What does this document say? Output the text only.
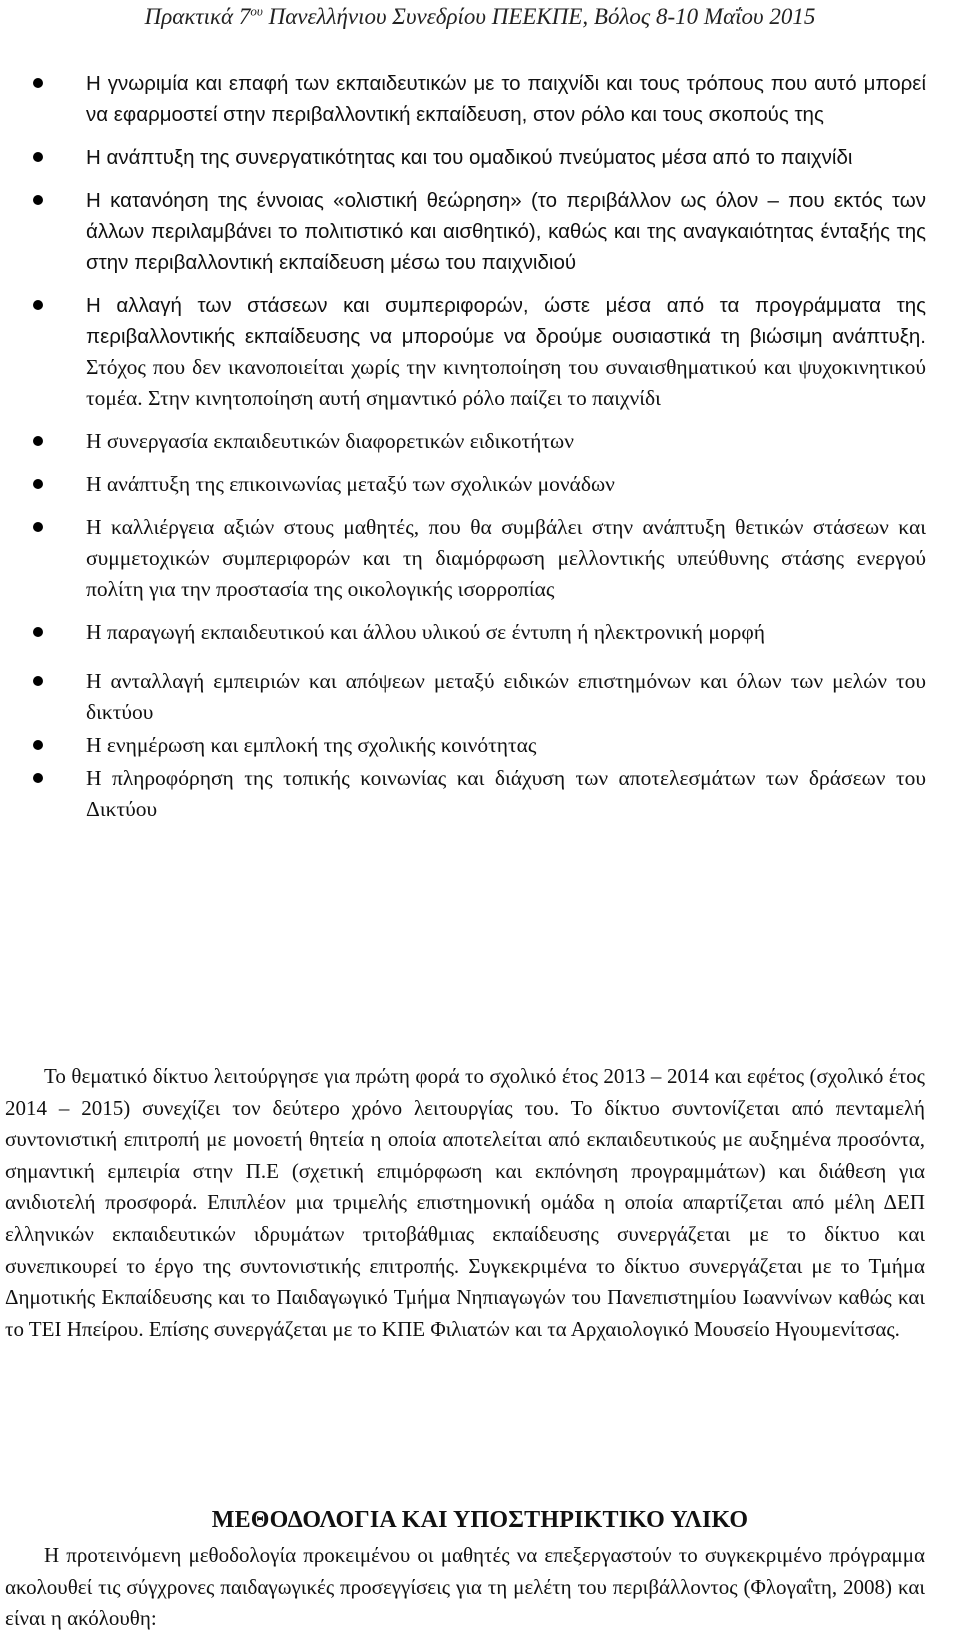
Πρακτικά $7^{o\upsilon}$ Πανελλήνιου Συνεδρίου ΠΕΕΚΠΕ, Βόλος 8-10 Μαΐου 2015
Η γνωριμία και επαφή των εκπαιδευτικών με το παιχνίδι και τους τρόπους που αυτό μπορεί να εφαρμοστεί στην περιβαλλοντική εκπαίδευση, στον ρόλο και τους σκοπούς της
Η ανάπτυξη της συνεργατικότητας και του ομαδικού πνεύματος μέσα από το παιχνίδι
Η κατανόηση της έννοιας «ολιστική θεώρηση» (το περιβάλλον ως όλον – που εκτός των άλλων περιλαμβάνει το πολιτιστικό και αισθητικό), καθώς και της αναγκαιότητας ένταξής της στην περιβαλλοντική εκπαίδευση μέσω του παιχνιδιού
Η αλλαγή των στάσεων και συμπεριφορών, ώστε μέσα από τα προγράμματα της περιβαλλοντικής εκπαίδευσης να μπορούμε να δρούμε ουσιαστικά τη βιώσιμη ανάπτυξη. Στόχος που δεν ικανοποιείται χωρίς την κινητοποίηση του συναισθηματικού και ψυχοκινητικού τομέα. Στην κινητοποίηση αυτή σημαντικό ρόλο παίζει το παιχνίδι
Η συνεργασία εκπαιδευτικών διαφορετικών ειδικοτήτων
Η ανάπτυξη της επικοινωνίας μεταξύ των σχολικών μονάδων
Η καλλιέργεια αξιών στους μαθητές, που θα συμβάλει στην ανάπτυξη θετικών στάσεων και συμμετοχικών συμπεριφορών και τη διαμόρφωση μελλοντικής υπεύθυνης στάσης ενεργού πολίτη για την προστασία της οικολογικής ισορροπίας
Η παραγωγή εκπαιδευτικού και άλλου υλικού σε έντυπη ή ηλεκτρονική μορφή
Η ανταλλαγή εμπειριών και απόψεων μεταξύ ειδικών επιστημόνων και όλων των μελών του δικτύου
Η ενημέρωση και εμπλοκή της σχολικής κοινότητας
Η πληροφόρηση της τοπικής κοινωνίας και διάχυση των αποτελεσμάτων των δράσεων του Δικτύου

Το θεματικό δίκτυο λειτούργησε για πρώτη φορά το σχολικό έτος 2013 – 2014 και εφέτος (σχολικό έτος 2014 – 2015) συνεχίζει τον δεύτερο χρόνο λειτουργίας του. Το δίκτυο συντονίζεται από πενταμελή συντονιστική επιτροπή με μονοετή θητεία η οποία αποτελείται από εκπαιδευτικούς με αυξημένα προσόντα, σημαντική εμπειρία στην Π.Ε (σχετική επιμόρφωση και εκπόνηση προγραμμάτων) και διάθεση για ανιδιοτελή προσφορά. Επιπλέον μια τριμελής επιστημονική ομάδα η οποία απαρτίζεται από μέλη ΔΕΠ ελληνικών εκπαιδευτικών ιδρυμάτων τριτοβάθμιας εκπαίδευσης συνεργάζεται με το δίκτυο και συνεπικουρεί το έργο της συντονιστικής επιτροπής. Συγκεκριμένα το δίκτυο συνεργάζεται με το Τμήμα Δημοτικής Εκπαίδευσης και το Παιδαγωγικό Τμήμα Νηπιαγωγών του Πανεπιστημίου Ιωαννίνων καθώς και το ΤΕΙ Ηπείρου. Επίσης συνεργάζεται με το ΚΠΕ Φιλιατών και τα Αρχαιολογικό Μουσείο Ηγουμενίτσας.

ΜΕΘΟΔΟΛΟΓΙΑ ΚΑΙ ΥΠΟΣΤΗΡΙΚΤΙΚΟ ΥΛΙΚΟ

Η προτεινόμενη μεθοδολογία προκειμένου οι μαθητές να επεξεργαστούν το συγκεκριμένο πρόγραμμα ακολουθεί τις σύγχρονες παιδαγωγικές προσεγγίσεις για τη μελέτη του περιβάλλοντος (Φλογαΐτη, 2008) και είναι η ακόλουθη:
